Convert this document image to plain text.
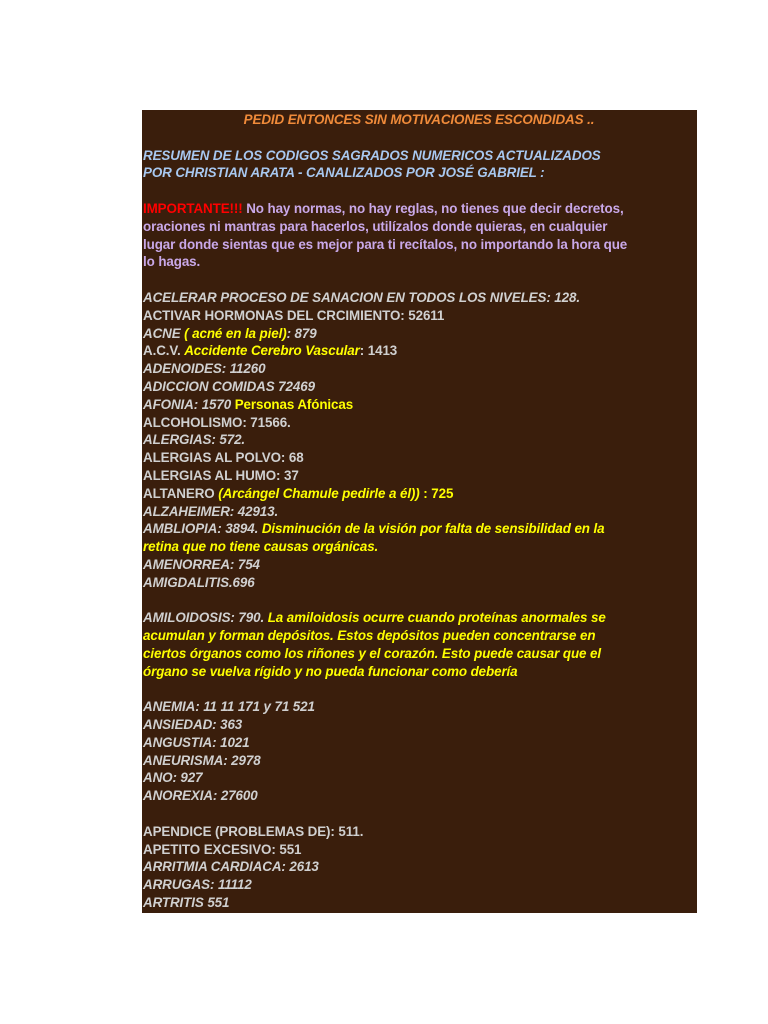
PEDID ENTONCES SIN MOTIVACIONES ESCONDIDAS ..
RESUMEN DE LOS CODIGOS SAGRADOS NUMERICOS ACTUALIZADOS
POR CHRISTIAN ARATA - CANALIZADOS POR JOSÉ GABRIEL :
IMPORTANTE!!! No hay normas, no hay reglas, no tienes que decir decretos,
oraciones ni mantras para hacerlos, utilízalos donde quieras, en cualquier
lugar donde sientas que es mejor para ti recítalos, no importando la hora que
lo hagas.
ACELERAR PROCESO DE SANACION EN TODOS LOS NIVELES: 128.
ACTIVAR HORMONAS DEL CRCIMIENTO: 52611
ACNE ( acné en la piel): 879
A.C.V. Accidente Cerebro Vascular: 1413
ADENOIDES: 11260
ADICCION COMIDAS 72469
AFONIA: 1570 Personas Afónicas
ALCOHOLISMO: 71566.
ALERGIAS: 572.
ALERGIAS AL POLVO: 68
ALERGIAS AL HUMO: 37
ALTANERO (Arcángel Chamule pedirle a él)) : 725
ALZAHEIMER: 42913.
AMBLIOPIA: 3894. Disminución de la visión por falta de sensibilidad en la
retina que no tiene causas orgánicas.
AMENORREA: 754
AMIGDALITIS.696
AMILOIDOSIS: 790. La amiloidosis ocurre cuando proteínas anormales se
acumulan y forman depósitos. Estos depósitos pueden concentrarse en
ciertos órganos como los riñones y el corazón. Esto puede causar que el
órgano se vuelva rígido y no pueda funcionar como debería
ANEMIA: 11 11 171 y 71 521
ANSIEDAD: 363
ANGUSTIA: 1021
ANEURISMA: 2978
ANO: 927
ANOREXIA: 27600
APENDICE (PROBLEMAS DE): 511.
APETITO EXCESIVO: 551
ARRITMIA CARDIACA: 2613
ARRUGAS: 11112
ARTRITIS 551
